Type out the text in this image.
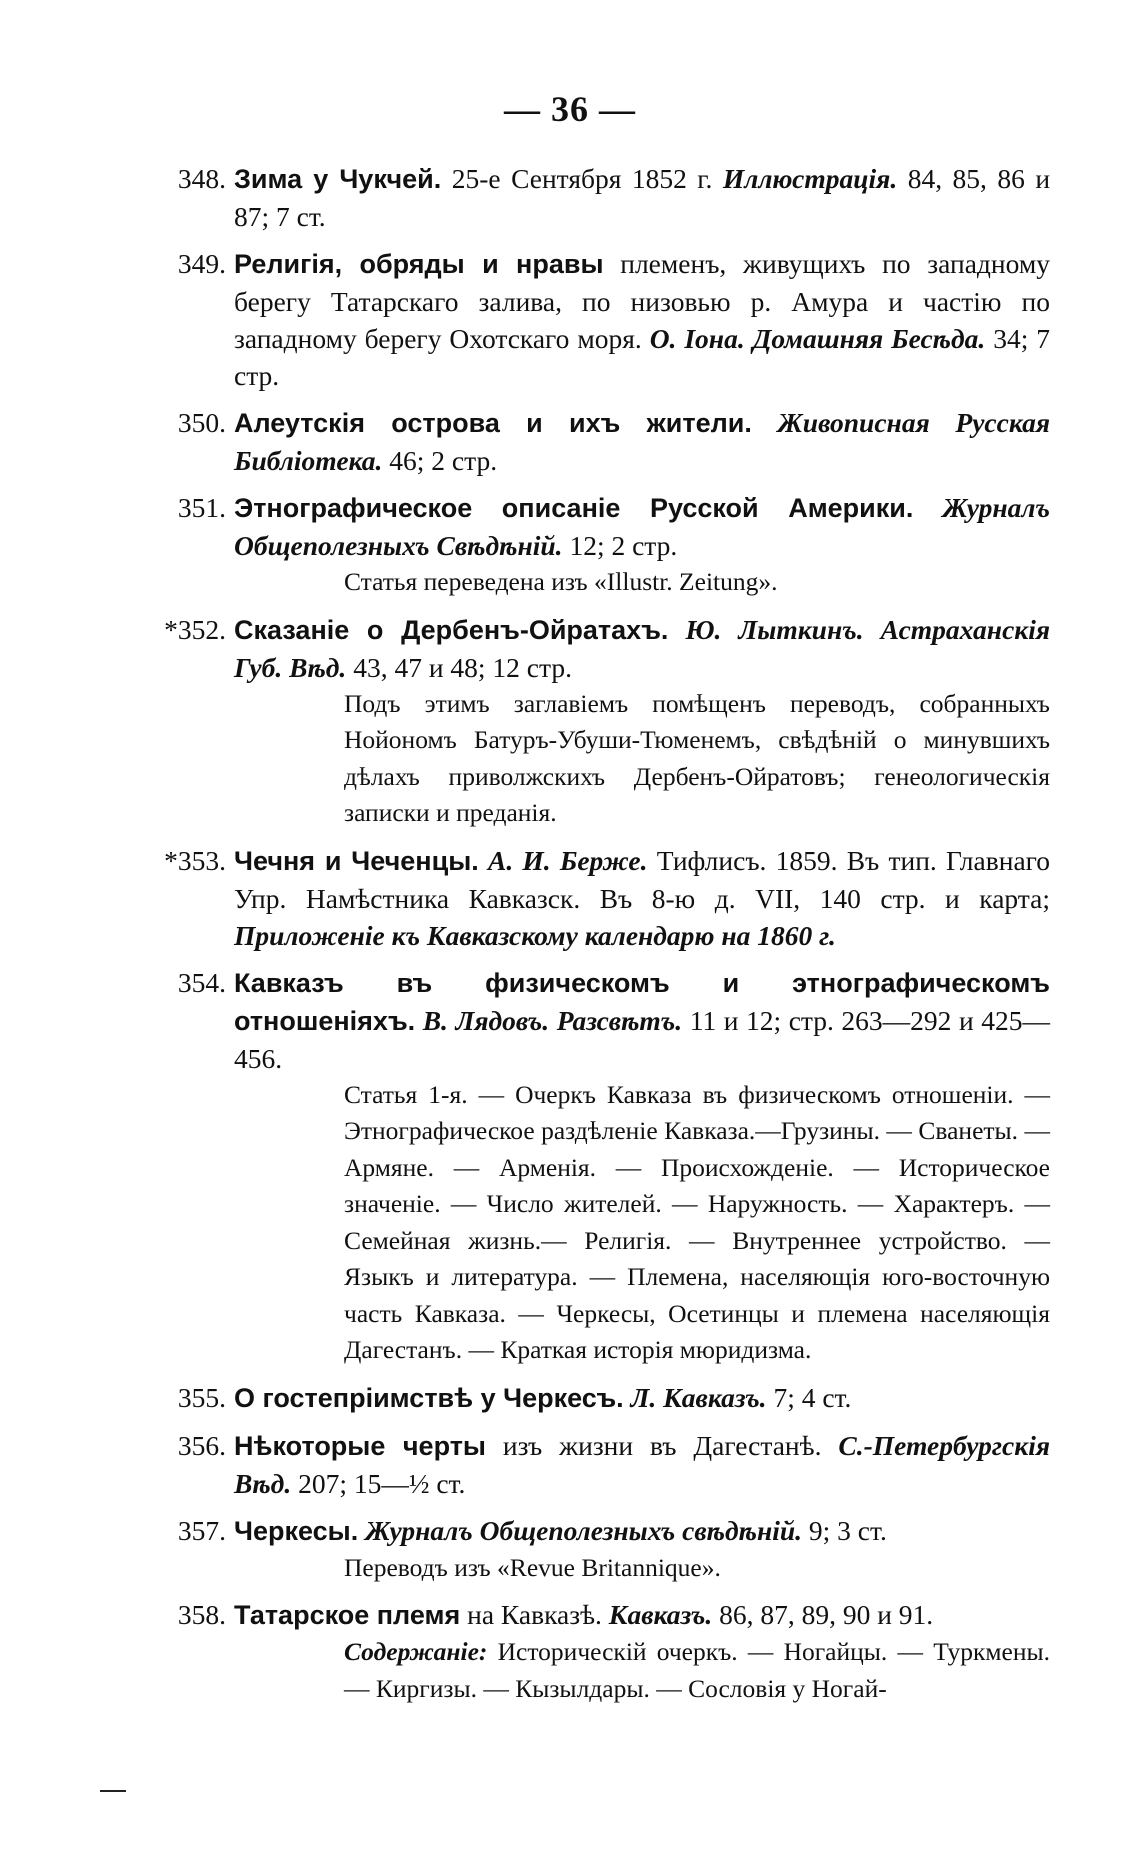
— 36 —
348. Зима у Чукчей. 25-е Сентября 1852 г. Иллюстрація. 84, 85, 86 и 87; 7 ст.
349. Религія, обряды и нравы племенъ, живущихъ по западному берегу Татарскаго залива, по низовью р. Амура и частію по западному берегу Охотскаго моря. О. Іона. Домашняя Бесѣда. 34; 7 стр.
350. Алеутскія острова и ихъ жители. Живописная Русская Библіотека. 46; 2 стр.
351. Этнографическое описаніе Русской Америки. Журналъ Общеполезныхъ Свѣдѣній. 12; 2 стр.
Статья переведена изъ «Illustr. Zeitung».
*352. Сказаніе о Дербенъ-Ойратахъ. Ю. Лыткинъ. Астраханскія Губ. Вѣд. 43, 47 и 48; 12 стр.
Подъ этимъ заглавіемъ помѣщенъ переводъ, собранныхъ Нойономъ Батуръ-Убуши-Тюменемъ, свѣдѣній о минувшихъ дѣлахъ приволжскихъ Дербенъ-Ойратовъ; генеологическія записки и преданія.
*353. Чечня и Чеченцы. А. И. Берже. Тифлисъ. 1859. Въ тип. Главнаго Упр. Намѣстника Кавказск. Въ 8-ю д. VII, 140 стр. и карта; Приложеніе къ Кавказскому календарю на 1860 г.
354. Кавказъ въ физическомъ и этнографическомъ отношеніяхъ. В. Лядовъ. Разсвѣтъ. 11 и 12; стр. 263—292 и 425—456.
Статья 1-я. — Очеркъ Кавказа въ физическомъ отношеніи. — Этнографическое раздѣленіе Кавказа.—Грузины. — Сванеты. — Армяне. — Арменія. — Происхожденіе. — Историческое значеніе. — Число жителей. — Наружность. — Характеръ. — Семейная жизнь.— Религія. — Внутреннее устройство. — Языкъ и литература. — Племена, населяющія юго-восточную часть Кавказа. — Черкесы, Осетинцы и племена населяющія Дагестанъ. — Краткая исторія мюридизма.
355. О гостепріимствѣ у Черкесъ. Л. Кавказъ. 7; 4 ст.
356. Нѣкоторые черты изъ жизни въ Дагестанѣ. С.-Петербургскія Вѣд. 207; 15—½ ст.
357. Черкесы. Журналъ Общеполезныхъ свѣдѣній. 9; 3 ст.
Переводъ изъ «Revue Britannique».
358. Татарское племя на Кавказѣ. Кавказъ. 86, 87, 89, 90 и 91.
Содержаніе: Историческій очеркъ. — Ногайцы. — Туркмены. — Киргизы. — Кызылдары. — Сословія у Ногай-
